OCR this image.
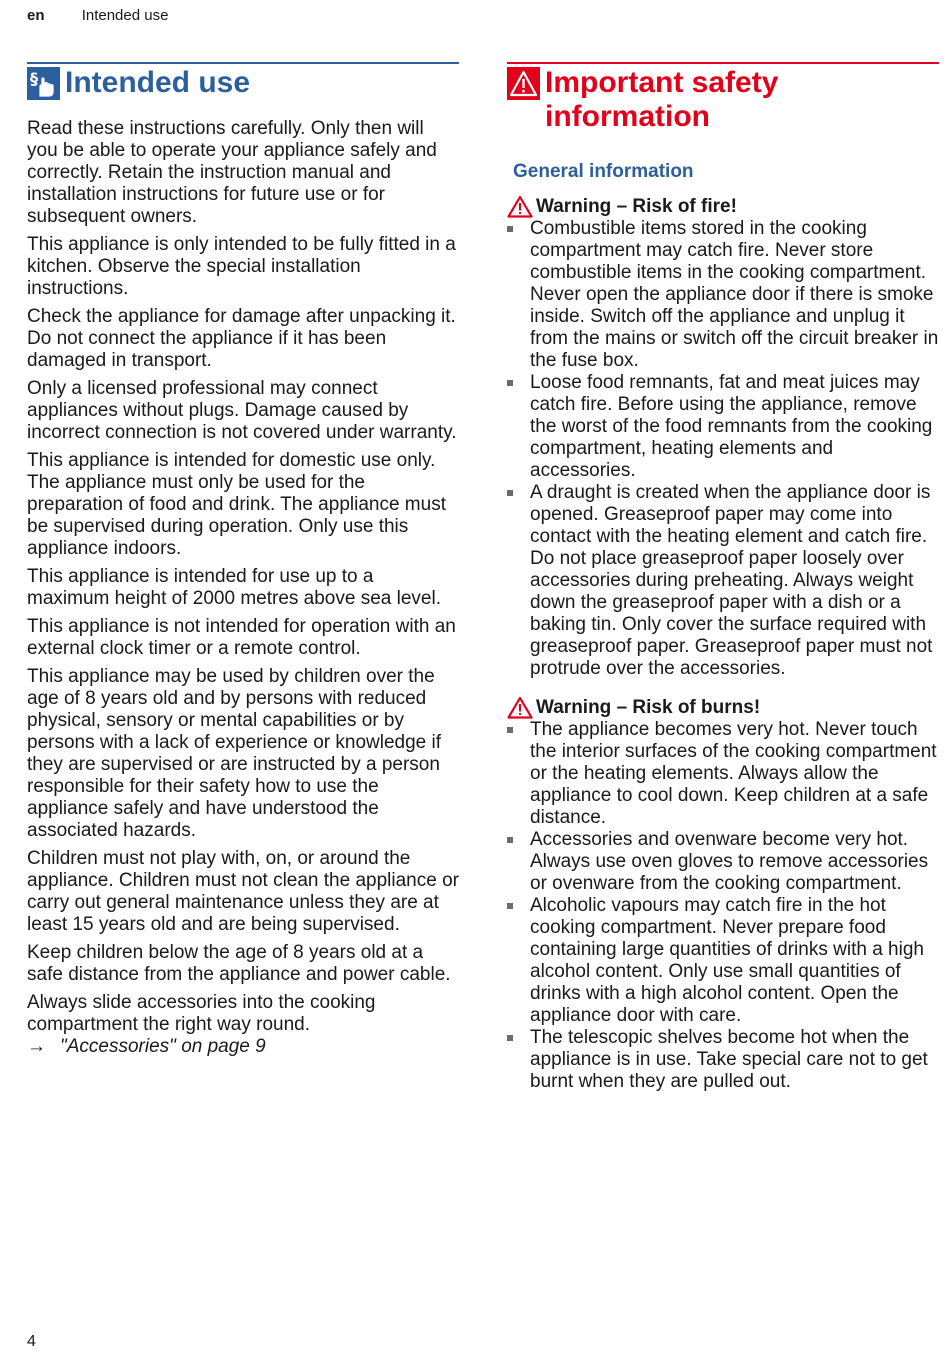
en Intended use
§ Intended use

Read these instructions carefully. Only then will you be able to operate your appliance safely and correctly. Retain the instruction manual and installation instructions for future use or for subsequent owners.

This appliance is only intended to be fully fitted in a kitchen. Observe the special installation instructions.

Check the appliance for damage after unpacking it. Do not connect the appliance if it has been damaged in transport.

Only a licensed professional may connect appliances without plugs. Damage caused by incorrect connection is not covered under warranty.

This appliance is intended for domestic use only. The appliance must only be used for the preparation of food and drink. The appliance must be supervised during operation. Only use this appliance indoors.

This appliance is intended for use up to a maximum height of 2000 metres above sea level.

This appliance is not intended for operation with an external clock timer or a remote control.

This appliance may be used by children over the age of 8 years old and by persons with reduced physical, sensory or mental capabilities or by persons with a lack of experience or knowledge if they are supervised or are instructed by a person responsible for their safety how to use the appliance safely and have understood the associated hazards.

Children must not play with, on, or around the appliance. Children must not clean the appliance or carry out general maintenance unless they are at least 15 years old and are being supervised.

Keep children below the age of 8 years old at a safe distance from the appliance and power cable.

Always slide accessories into the cooking compartment the right way round.

→ "Accessories" on page 9
Important safety information
General information
Warning – Risk of fire!
Combustible items stored in the cooking compartment may catch fire. Never store combustible items in the cooking compartment. Never open the appliance door if there is smoke inside. Switch off the appliance and unplug it from the mains or switch off the circuit breaker in the fuse box.
Loose food remnants, fat and meat juices may catch fire. Before using the appliance, remove the worst of the food remnants from the cooking compartment, heating elements and accessories.
A draught is created when the appliance door is opened. Greaseproof paper may come into contact with the heating element and catch fire. Do not place greaseproof paper loosely over accessories during preheating. Always weight down the greaseproof paper with a dish or a baking tin. Only cover the surface required with greaseproof paper. Greaseproof paper must not protrude over the accessories.
Warning – Risk of burns!
The appliance becomes very hot. Never touch the interior surfaces of the cooking compartment or the heating elements. Always allow the appliance to cool down. Keep children at a safe distance.
Accessories and ovenware become very hot. Always use oven gloves to remove accessories or ovenware from the cooking compartment.
Alcoholic vapours may catch fire in the hot cooking compartment. Never prepare food containing large quantities of drinks with a high alcohol content. Only use small quantities of drinks with a high alcohol content. Open the appliance door with care.
The telescopic shelves become hot when the appliance is in use. Take special care not to get burnt when they are pulled out.
4
